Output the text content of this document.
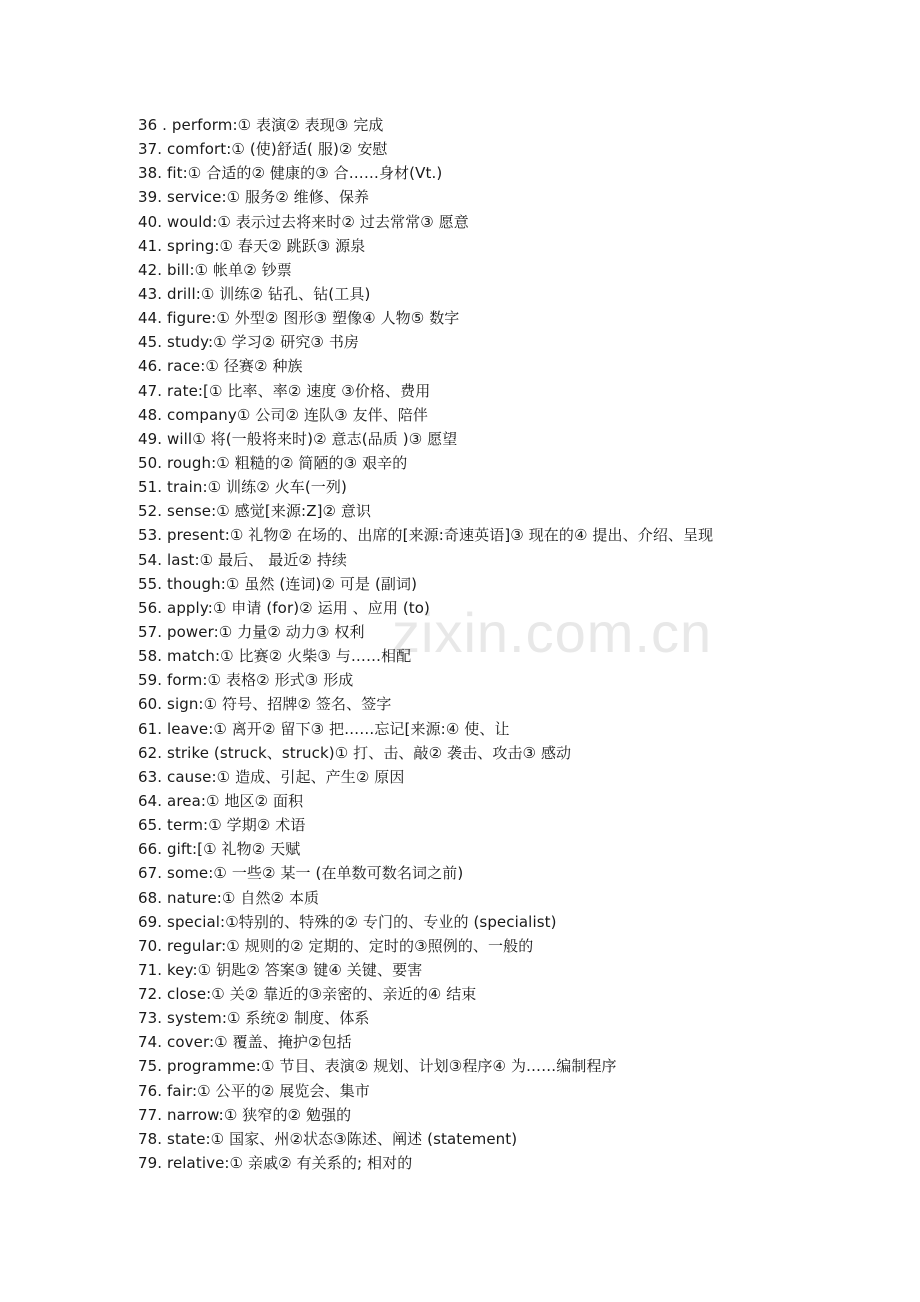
zixin.com.cn
36 . perform:① 表演② 表现③ 完成
37. comfort:① (使)舒适( 服)② 安慰
38. fit:① 合适的② 健康的③ 合……身材(Vt.)
39. service:① 服务② 维修、保养
40. would:① 表示过去将来时② 过去常常③ 愿意
41. spring:① 春天② 跳跃③ 源泉
42. bill:① 帐单② 钞票
43. drill:① 训练② 钻孔、钻(工具)
44. figure:① 外型② 图形③ 塑像④ 人物⑤ 数字
45. study:① 学习② 研究③ 书房
46. race:① 径赛② 种族
47. rate:[① 比率、率② 速度 ③价格、费用
48. company① 公司② 连队③ 友伴、陪伴
49. will① 将(一般将来时)② 意志(品质 )③ 愿望
50. rough:① 粗糙的② 简陋的③ 艰辛的
51. train:① 训练② 火车(一列)
52. sense:① 感觉[来源:Z]② 意识
53. present:① 礼物② 在场的、出席的[来源:奇速英语]③ 现在的④ 提出、介绍、呈现
54. last:① 最后、 最近② 持续
55. though:① 虽然 (连词)② 可是 (副词)
56. apply:① 申请 (for)② 运用 、应用 (to)
57. power:① 力量② 动力③ 权利
58. match:① 比赛② 火柴③ 与……相配
59. form:① 表格② 形式③ 形成
60. sign:① 符号、招牌② 签名、签字
61. leave:① 离开② 留下③ 把……忘记[来源:④ 使、让
62. strike (struck、struck)① 打、击、敲② 袭击、攻击③ 感动
63. cause:① 造成、引起、产生② 原因
64. area:① 地区② 面积
65. term:① 学期② 术语
66. gift:[① 礼物② 天赋
67. some:① 一些② 某一 (在单数可数名词之前)
68. nature:① 自然② 本质
69. special:①特别的、特殊的② 专门的、专业的 (specialist)
70. regular:① 规则的② 定期的、定时的③照例的、一般的
71. key:① 钥匙② 答案③ 键④ 关键、要害
72. close:① 关② 靠近的③亲密的、亲近的④ 结束
73. system:① 系统② 制度、体系
74. cover:① 覆盖、掩护②包括
75. programme:① 节目、表演② 规划、计划③程序④ 为……编制程序
76. fair:① 公平的② 展览会、集市
77. narrow:① 狭窄的② 勉强的
78. state:① 国家、州②状态③陈述、阐述 (statement)
79. relative:① 亲戚② 有关系的; 相对的
